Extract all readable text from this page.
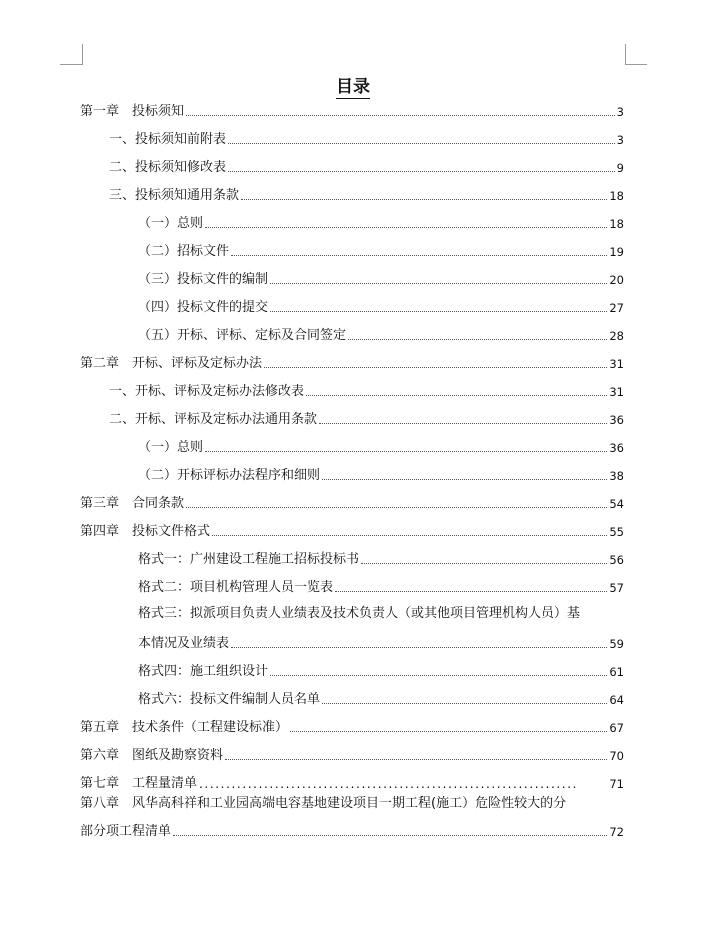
目录
第一章　投标须知	3
一、投标须知前附表	3
二、投标须知修改表	9
三、投标须知通用条款	18
（一）总则	18
（二）招标文件	19
（三）投标文件的编制	20
（四）投标文件的提交	27
（五）开标、评标、定标及合同签定	28
第二章　开标、评标及定标办法	31
一、开标、评标及定标办法修改表	31
二、开标、评标及定标办法通用条款	36
（一）总则	36
（二）开标评标办法程序和细则	38
第三章　合同条款	54
第四章　投标文件格式	55
格式一：广州建设工程施工招标投标书	56
格式二：项目机构管理人员一览表	57
格式三：拟派项目负责人业绩表及技术负责人（或其他项目管理机构人员）基
本情况及业绩表	59
格式四：施工组织设计	61
格式六：投标文件编制人员名单	64
第五章　技术条件（工程建设标准）	67
第六章　图纸及勘察资料	70
第七章　工程量清单 ......................................................................	71
第八章　风华高科祥和工业园高端电容基地建设项目一期工程(施工）危险性较大的分
部分项工程清单	72
